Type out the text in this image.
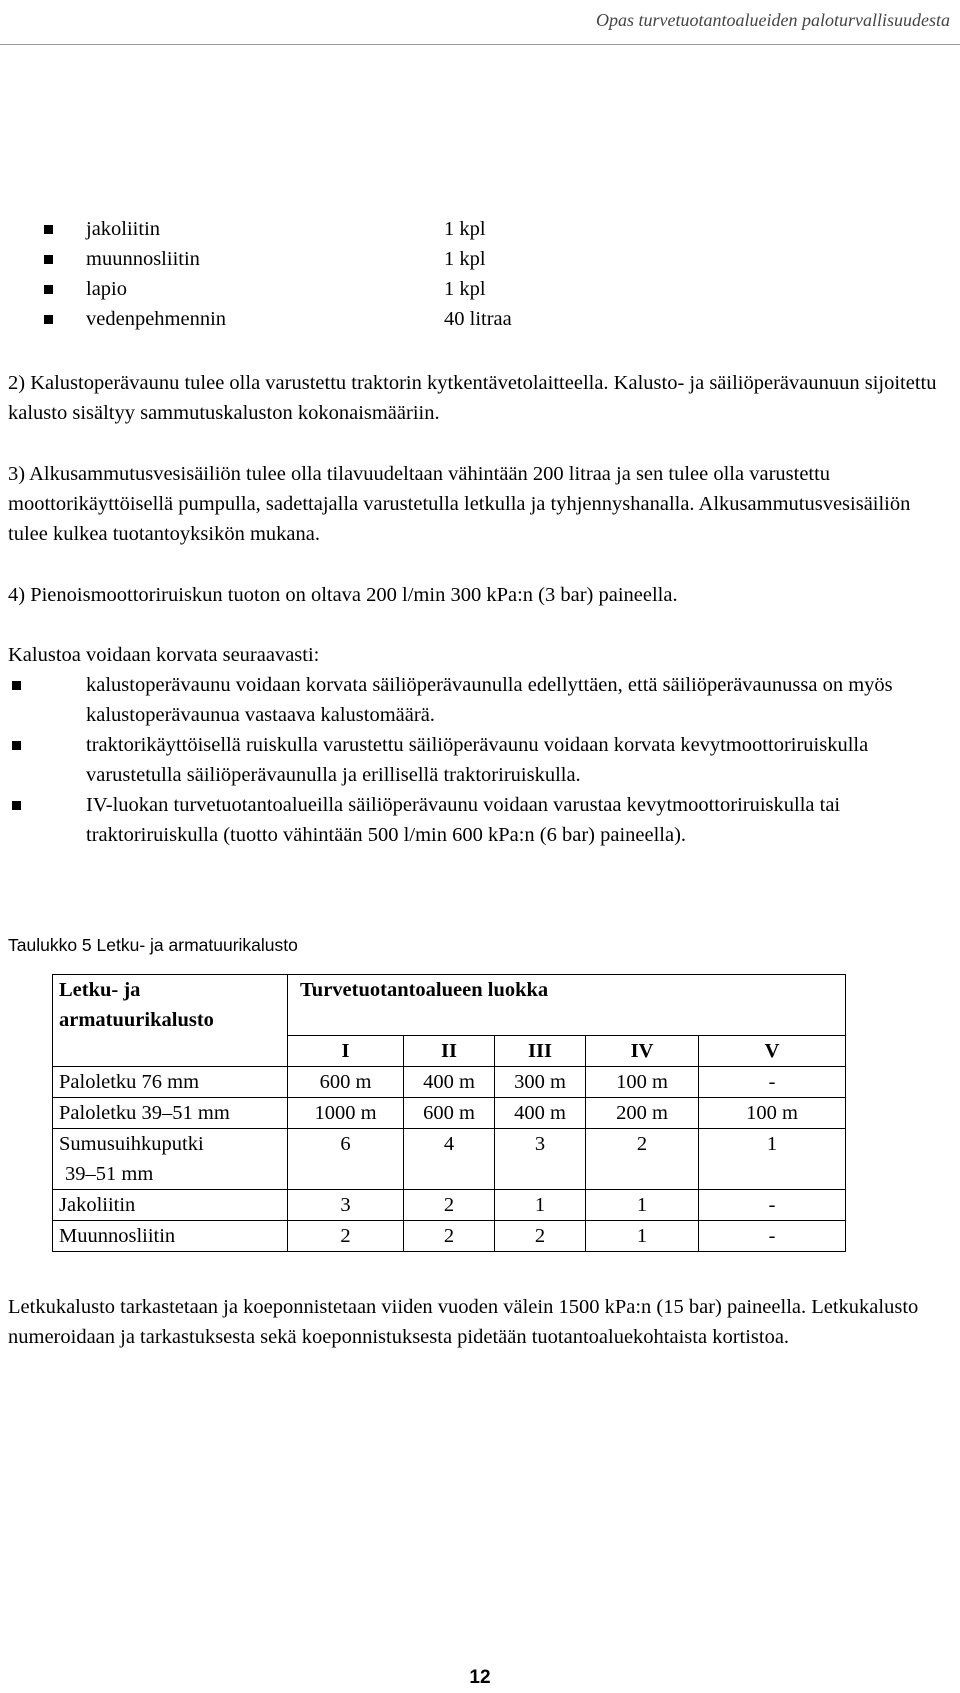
Opas turvetuotantoalueiden paloturvallisuudesta
jakoliitin	1 kpl
muunnosliitin	1 kpl
lapio	1 kpl
vedenpehmennin	40 litraa
2) Kalustoperävaunu tulee olla varustettu traktorin kytkentävetolaitteella. Kalusto- ja säiliöperävaunuun sijoitettu kalusto sisältyy sammutuskaluston kokonaismääriin.
3) Alkusammutusvesisäiliön tulee olla tilavuudeltaan vähintään 200 litraa ja sen tulee olla varustettu moottorikäyttöisellä pumpulla, sadettajalla varustetulla letkulla ja tyhjennyshanalla. Alkusammutusvesisäiliön tulee kulkea tuotantoyksikön mukana.
4) Pienoismoottoriruiskun tuoton on oltava 200 l/min 300 kPa:n (3 bar) paineella.
Kalustoa voidaan korvata seuraavasti:
kalustoperävaunu voidaan korvata säiliöperävaunulla edellyttäen, että säiliöperävaunussa on myös kalustoperävaunua vastaava kalustomäärä.
traktorikäyttöisellä ruiskulla varustettu säiliöperävaunu voidaan korvata kevytmoottoriruiskulla varustetulla säiliöperävaunulla ja erillisellä traktoriruiskulla.
IV-luokan turvetuotantoalueilla säiliöperävaunu voidaan varustaa kevytmoottoriruiskulla tai traktoriruiskulla (tuotto vähintään 500 l/min 600 kPa:n (6 bar) paineella).
Taulukko 5 Letku- ja armatuurikalusto
Letku- ja armatuurikalusto	Turvetuotantoalueen luokka				
	I	II	III	IV	V
Paloletku 76 mm	600 m	400 m	300 m	100 m	-
Paloletku 39–51 mm	1000 m	600 m	400 m	200 m	100 m

Sumusuihkuputki
39–51 mm	6	4	3	2	1
Jakoliitin	3	2	1	1	-
Muunnosliitin	2	2	2	1	-
Letkukalusto tarkastetaan ja koeponnistetaan viiden vuoden välein 1500 kPa:n (15 bar) paineella. Letkukalusto numeroidaan ja tarkastuksesta sekä koeponnistuksesta pidetään tuotantoaluekohtaista kortistoa.
12
